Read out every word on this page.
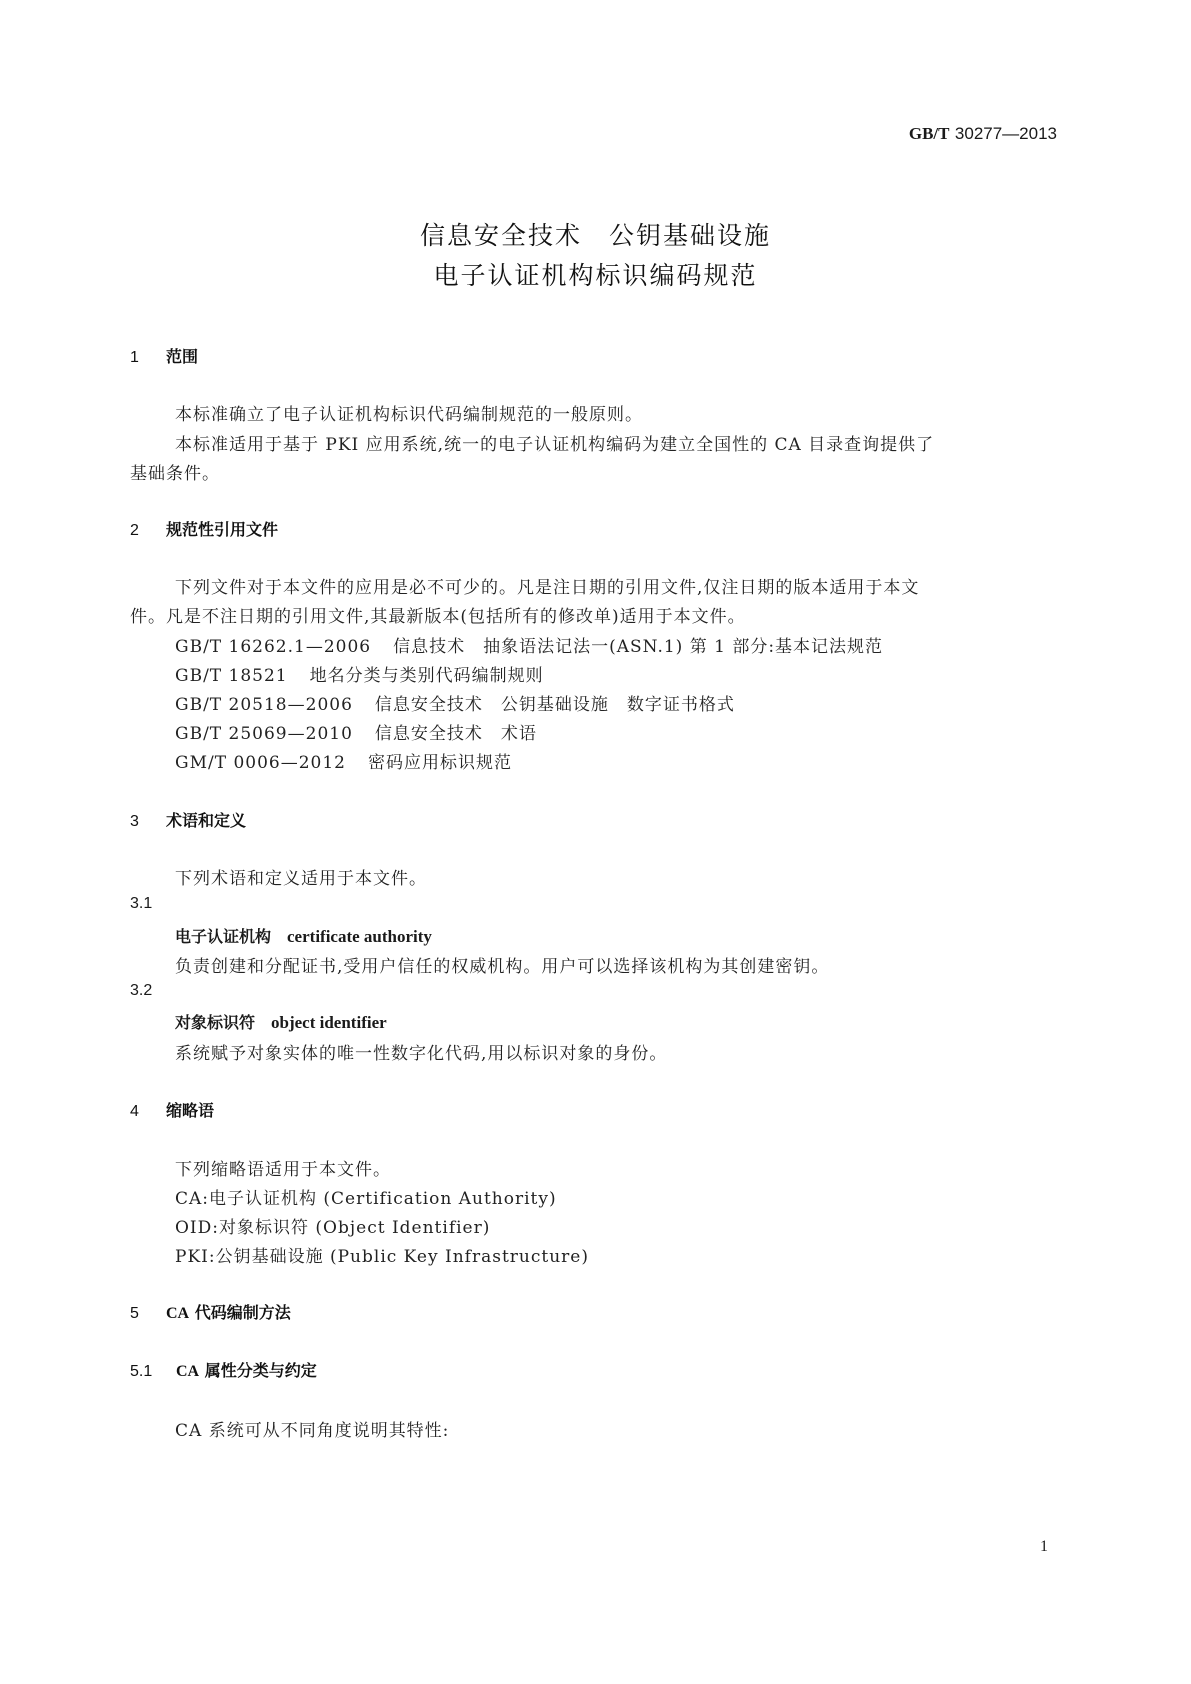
GB/T 30277—2013
信息安全技术　公钥基础设施
电子认证机构标识编码规范
1 范围
本标准确立了电子认证机构标识代码编制规范的一般原则。
本标准适用于基于 PKI 应用系统,统一的电子认证机构编码为建立全国性的 CA 目录查询提供了
基础条件。
2 规范性引用文件
下列文件对于本文件的应用是必不可少的。凡是注日期的引用文件,仅注日期的版本适用于本文
件。凡是不注日期的引用文件,其最新版本(包括所有的修改单)适用于本文件。
GB/T 16262.1—2006 信息技术　抽象语法记法一(ASN.1) 第 1 部分:基本记法规范
GB/T 18521 地名分类与类别代码编制规则
GB/T 20518—2006 信息安全技术　公钥基础设施　数字证书格式
GB/T 25069—2010 信息安全技术　术语
GM/T 0006—2012 密码应用标识规范
3 术语和定义
下列术语和定义适用于本文件。
3.1
电子认证机构 certificate authority
负责创建和分配证书,受用户信任的权威机构。用户可以选择该机构为其创建密钥。
3.2
对象标识符 object identifier
系统赋予对象实体的唯一性数字化代码,用以标识对象的身份。
4 缩略语
下列缩略语适用于本文件。
CA:电子认证机构 (Certification Authority)
OID:对象标识符 (Object Identifier)
PKI:公钥基础设施 (Public Key Infrastructure)
5 CA 代码编制方法
5.1 CA 属性分类与约定
CA 系统可从不同角度说明其特性:
1
